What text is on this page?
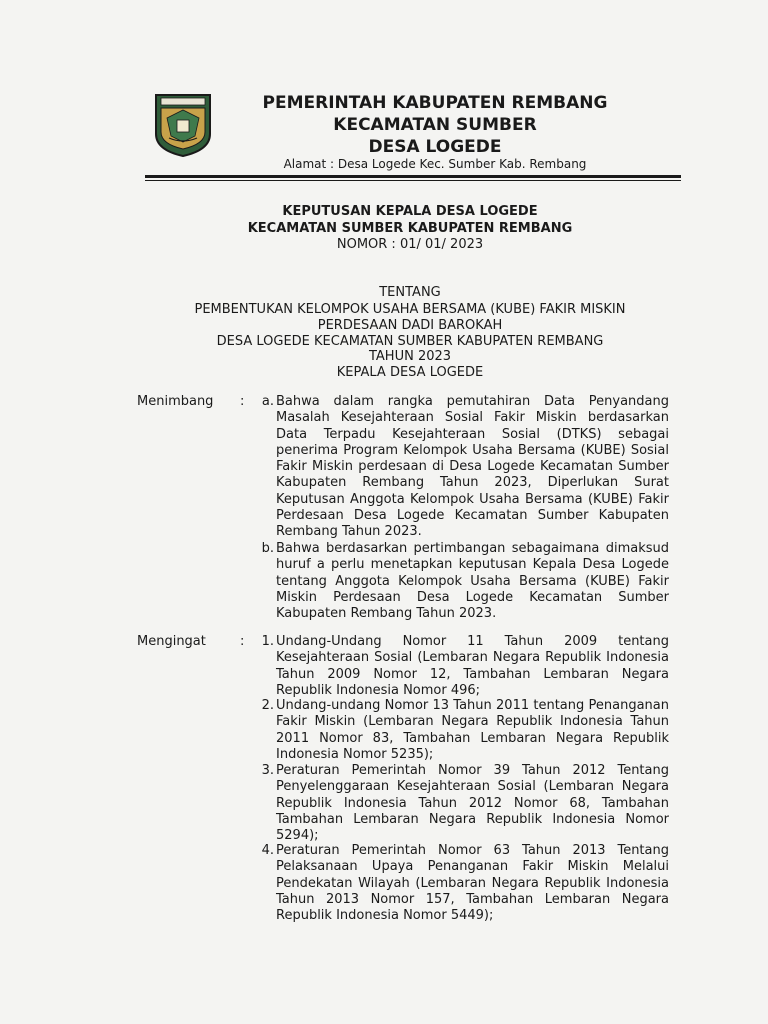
PEMERINTAH KABUPATEN REMBANG
KECAMATAN SUMBER
DESA LOGEDE
Alamat : Desa Logede Kec. Sumber Kab. Rembang
KEPUTUSAN KEPALA DESA LOGEDE
KECAMATAN SUMBER KABUPATEN REMBANG
NOMOR : 01/ 01/ 2023
TENTANG
PEMBENTUKAN KELOMPOK USAHA BERSAMA (KUBE) FAKIR MISKIN
PERDESAAN DADI BAROKAH
DESA LOGEDE KECAMATAN SUMBER KABUPATEN REMBANG
TAHUN 2023
KEPALA DESA LOGEDE
Menimbang :	a. Bahwa dalam rangka pemutahiran Data Penyandang Masalah Kesejahteraan Sosial Fakir Miskin berdasarkan Data Terpadu Kesejahteraan Sosial (DTKS) sebagai penerima Program Kelompok Usaha Bersama (KUBE) Sosial Fakir Miskin perdesaan di Desa Logede Kecamatan Sumber Kabupaten Rembang Tahun 2023, Diperlukan Surat Keputusan Anggota Kelompok Usaha Bersama (KUBE) Fakir Perdesaan Desa Logede Kecamatan Sumber Kabupaten Rembang Tahun 2023.

b. Bahwa berdasarkan pertimbangan sebagaimana dimaksud huruf a perlu menetapkan keputusan Kepala Desa Logede tentang Anggota Kelompok Usaha Bersama (KUBE) Fakir Miskin Perdesaan Desa Logede Kecamatan Sumber Kabupaten Rembang Tahun 2023.

Mengingat	:	1. Undang-Undang Nomor 11 Tahun 2009 tentang Kesejahteraan Sosial (Lembaran Negara Republik Indonesia Tahun 2009 Nomor 12, Tambahan Lembaran Negara Republik Indonesia Nomor 496;

2. Undang-undang Nomor 13 Tahun 2011 tentang Penanganan Fakir Miskin (Lembaran Negara Republik Indonesia Tahun 2011 Nomor 83, Tambahan Lembaran Negara Republik Indonesia Nomor 5235);

3. Peraturan Pemerintah Nomor 39 Tahun 2012 Tentang Penyelenggaraan Kesejahteraan Sosial (Lembaran Negara Republik Indonesia Tahun 2012 Nomor 68, Tambahan Tambahan Lembaran Negara Republik Indonesia Nomor 5294);

4. Peraturan Pemerintah Nomor 63 Tahun 2013 Tentang Pelaksanaan Upaya Penanganan Fakir Miskin Melalui Pendekatan Wilayah (Lembaran Negara Republik Indonesia Tahun 2013 Nomor 157, Tambahan Lembaran Negara Republik Indonesia Nomor 5449);
